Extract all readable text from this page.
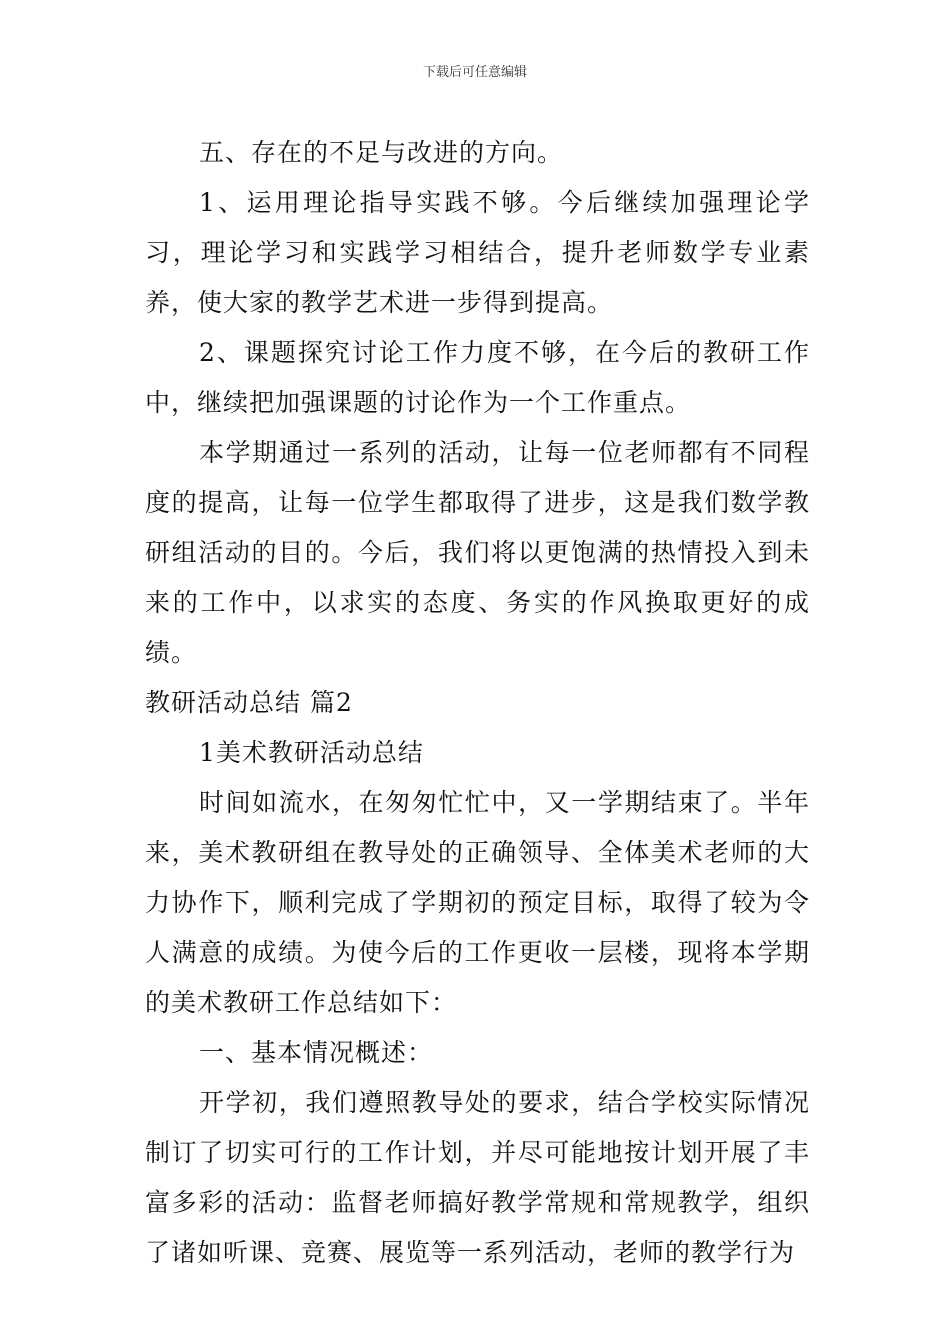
下载后可任意编辑

五、存在的不足与改进的方向。

1、运用理论指导实践不够。今后继续加强理论学习，理论学习和实践学习相结合，提升老师数学专业素养，使大家的教学艺术进一步得到提高。

2、课题探究讨论工作力度不够，在今后的教研工作中，继续把加强课题的讨论作为一个工作重点。

本学期通过一系列的活动，让每一位老师都有不同程度的提高，让每一位学生都取得了进步，这是我们数学教研组活动的目的。今后，我们将以更饱满的热情投入到未来的工作中，以求实的态度、务实的作风换取更好的成绩。

教研活动总结 篇2

1美术教研活动总结

时间如流水，在匆匆忙忙中，又一学期结束了。半年来，美术教研组在教导处的正确领导、全体美术老师的大力协作下，顺利完成了学期初的预定目标，取得了较为令人满意的成绩。为使今后的工作更收一层楼，现将本学期的美术教研工作总结如下：

一、基本情况概述：

开学初，我们遵照教导处的要求，结合学校实际情况制订了切实可行的工作计划，并尽可能地按计划开展了丰富多彩的活动：监督老师搞好教学常规和常规教学，组织了诸如听课、竞赛、展览等一系列活动，老师的教学行为
